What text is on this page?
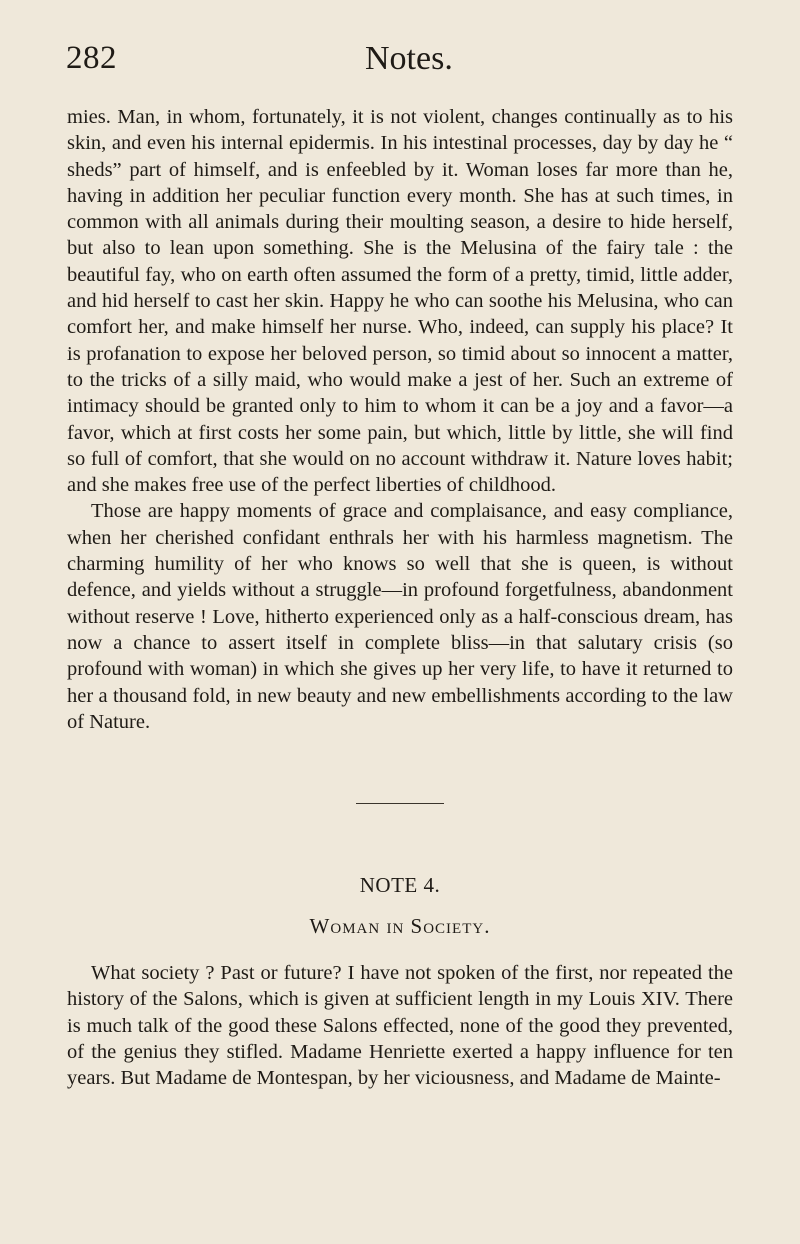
282	Notes.

mies. Man, in whom, fortunately, it is not violent, changes continually as to his skin, and even his internal epidermis. In his intestinal processes, day by day he “ sheds” part of himself, and is enfeebled by it. Woman loses far more than he, having in addition her peculiar function every month. She has at such times, in common with all animals during their moulting season, a desire to hide herself, but also to lean upon something. She is the Melusina of the fairy tale : the beautiful fay, who on earth often assumed the form of a pretty, timid, little adder, and hid herself to cast her skin. Happy he who can soothe his Melusina, who can comfort her, and make himself her nurse. Who, indeed, can supply his place? It is profanation to expose her beloved person, so timid about so innocent a matter, to the tricks of a silly maid, who would make a jest of her. Such an extreme of intimacy should be granted only to him to whom it can be a joy and a favor—a favor, which at first costs her some pain, but which, little by little, she will find so full of comfort, that she would on no account withdraw it. Nature loves habit; and she makes free use of the perfect liberties of childhood.

Those are happy moments of grace and complaisance, and easy compliance, when her cherished confidant enthrals her with his harmless magnetism. The charming humility of her who knows so well that she is queen, is without defence, and yields without a struggle—in profound forgetfulness, abandonment without reserve ! Love, hitherto experienced only as a half-conscious dream, has now a chance to assert itself in complete bliss—in that salutary crisis (so profound with woman) in which she gives up her very life, to have it returned to her a thousand fold, in new beauty and new embellishments according to the law of Nature.

NOTE 4.
Woman in Society.

What society ? Past or future? I have not spoken of the first, nor repeated the history of the Salons, which is given at sufficient length in my Louis XIV. There is much talk of the good these Salons effected, none of the good they prevented, of the genius they stifled. Madame Henriette exerted a happy influence for ten years. But Madame de Montespan, by her viciousness, and Madame de Mainte-
